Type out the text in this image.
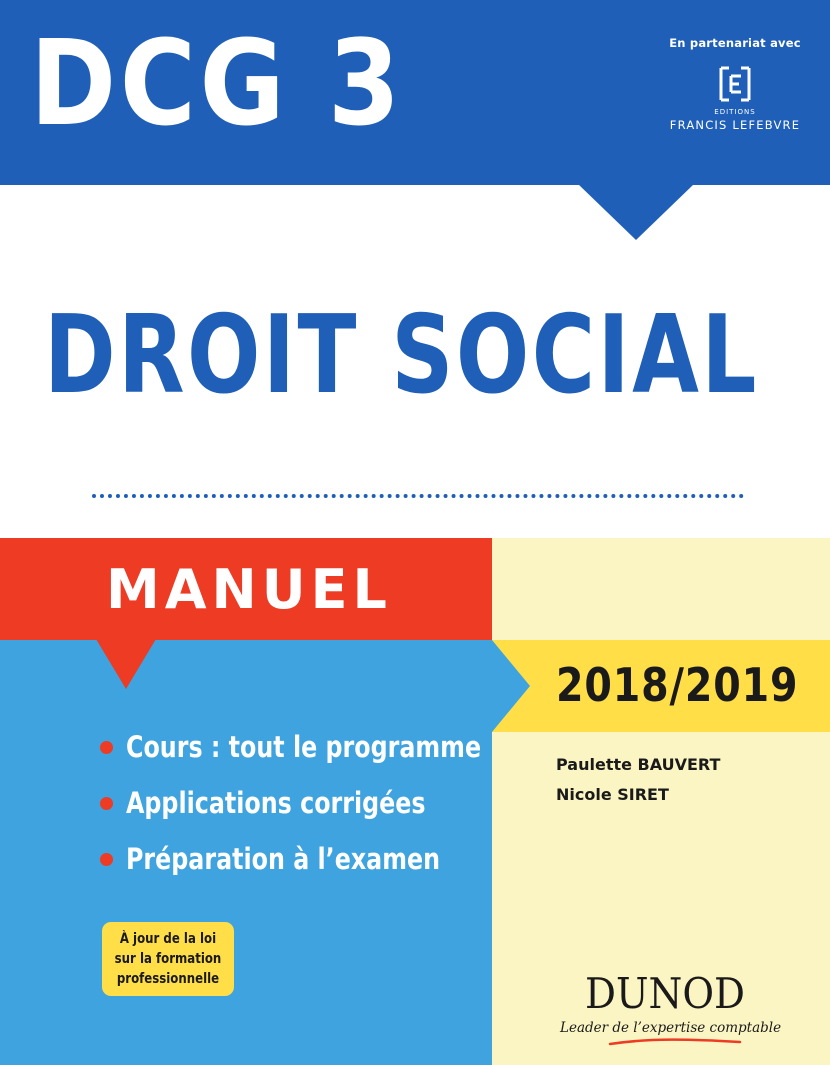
DCG 3	En partenariat avec
EDITIONS
FRANCIS LEFEBVRE
DROIT SOCIAL
MANUEL
2018/2019
Cours : tout le programme
Applications corrigées
Préparation à l’examen
Paulette BAUVERT
Nicole SIRET
À jour de la loi
sur la formation
professionnelle	DUNOD
Leader de l’expertise comptable
